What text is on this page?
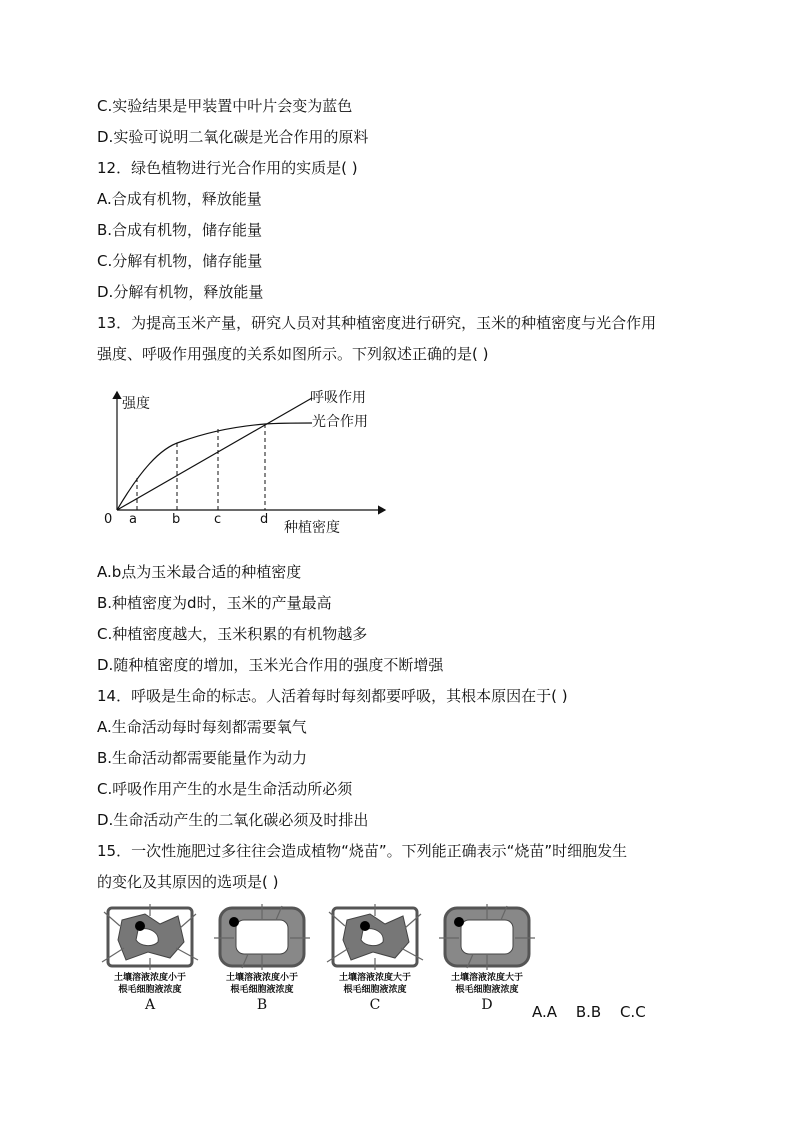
C.实验结果是甲装置中叶片会变为蓝色
D.实验可说明二氧化碳是光合作用的原料
12．绿色植物进行光合作用的实质是( )
A.合成有机物，释放能量
B.合成有机物，储存能量
C.分解有机物，储存能量
D.分解有机物，释放能量
13．为提高玉米产量，研究人员对其种植密度进行研究，玉米的种植密度与光合作用
强度、呼吸作用强度的关系如图所示。下列叙述正确的是( )
强度
0
种植密度
a	b	c	d
呼吸作用
光合作用
A.b点为玉米最合适的种植密度
B.种植密度为d时，玉米的产量最高
C.种植密度越大，玉米积累的有机物越多
D.随种植密度的增加，玉米光合作用的强度不断增强
14．呼吸是生命的标志。人活着每时每刻都要呼吸，其根本原因在于( )
A.生命活动每时每刻都需要氧气
B.生命活动都需要能量作为动力
C.呼吸作用产生的水是生命活动所必须
D.生命活动产生的二氧化碳必须及时排出
15．一次性施肥过多往往会造成植物“烧苗”。下列能正确表示“烧苗”时细胞发生
的变化及其原因的选项是( )
土壤溶液浓度小于
根毛细胞液浓度
A
土壤溶液浓度小于
根毛细胞液浓度
B
土壤溶液浓度大于
根毛细胞液浓度
C
土壤溶液浓度大于
根毛细胞液浓度
D	A.A B.B C.C
